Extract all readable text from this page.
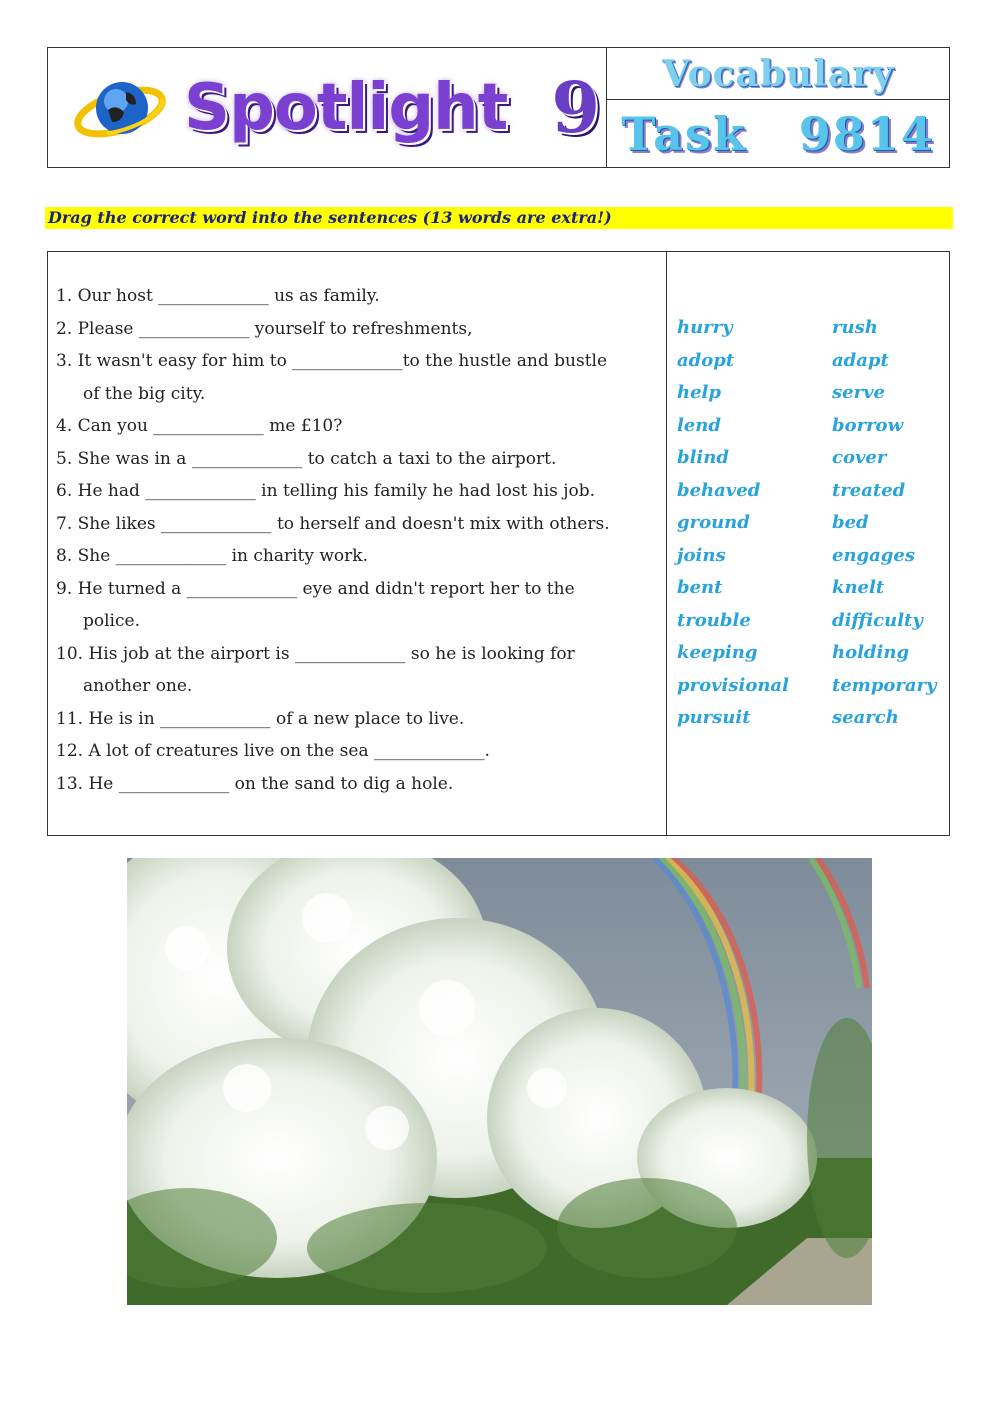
Spotlight 9 Vocabulary
Task 9814
Drag the correct word into the sentences (13 words are extra!)
1. Our host _____________ us as family.
2. Please _____________ yourself to refreshments,
3. It wasn't easy for him to _____________to the hustle and bustle
of the big city.
4. Can you _____________ me £10?
5. She was in a _____________ to catch a taxi to the airport.
6. He had _____________ in telling his family he had lost his job.
7. She likes _____________ to herself and doesn't mix with others.
8. She _____________ in charity work.
9. He turned a _____________ eye and didn't report her to the
police.
10. His job at the airport is _____________ so he is looking for
another one.
11. He is in _____________ of a new place to live.
12. A lot of creatures live on the sea _____________.
13. He _____________ on the sand to dig a hole.
hurry	rush
adopt	adapt
help	serve
lend	borrow
blind	cover
behaved	treated
ground	bed
joins	engages
bent	knelt
trouble	difficulty
keeping	holding
provisional	temporary
pursuit	search
